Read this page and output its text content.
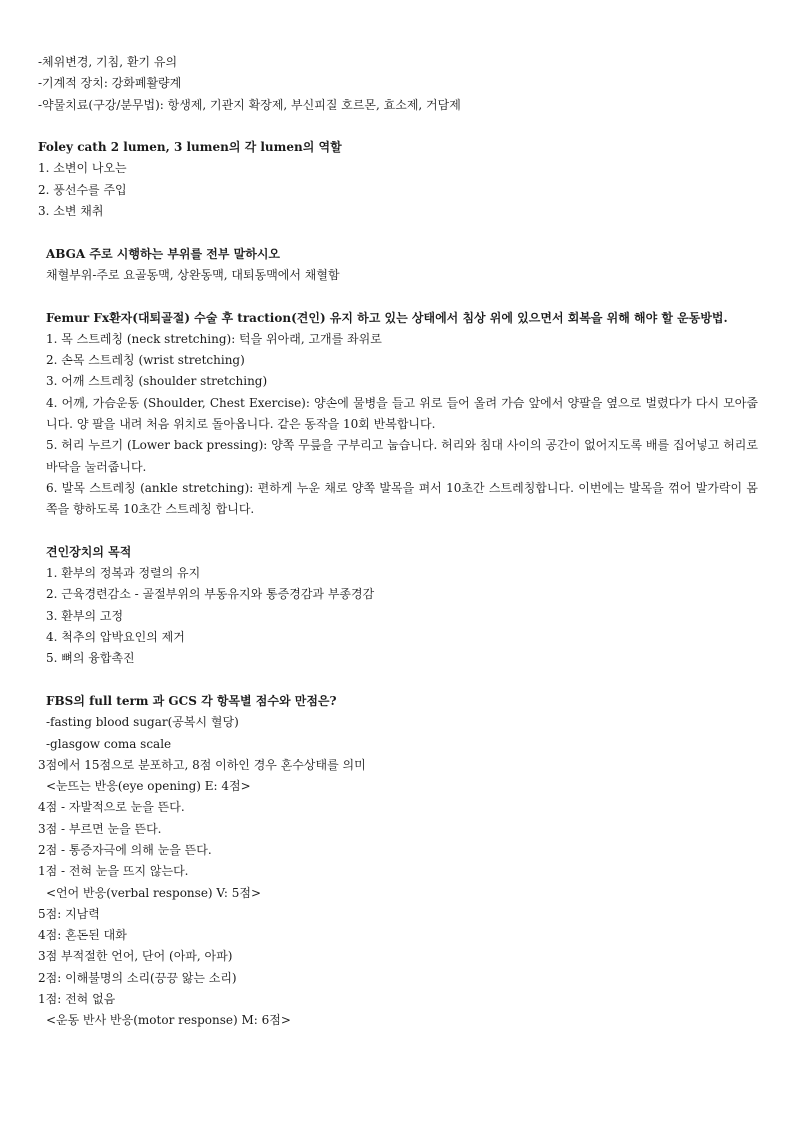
-체위변경, 기침, 환기 유의
-기계적 장치: 강화폐활량계
-약물치료(구강/분무법): 항생제, 기관지 확장제, 부신피질 호르몬, 효소제, 거담제
Foley cath 2 lumen, 3 lumen의 각 lumen의 역할
1. 소변이 나오는
2. 풍선수를 주입
3. 소변 채취
ABGA 주로 시행하는 부위를 전부 말하시오
채혈부위-주로 요골동맥, 상완동맥, 대퇴동맥에서 채혈함
Femur Fx환자(대퇴골절) 수술 후 traction(견인) 유지 하고 있는 상태에서 침상 위에 있으면서 회복을 위해 해야 할 운동방법.
1. 목 스트레칭 (neck stretching): 턱을 위아래, 고개를 좌위로
2. 손목 스트레칭 (wrist stretching)
3. 어깨 스트레칭 (shoulder stretching)
4. 어깨, 가슴운동 (Shoulder, Chest Exercise): 양손에 물병을 들고 위로 들어 올려 가슴 앞에서 양팔을 옆으로 벌렸다가 다시 모아줍니다. 양 팔을 내려 처음 위치로 돌아옵니다. 같은 동작을 10회 반복합니다.
5. 허리 누르기 (Lower back pressing): 양쪽 무릎을 구부리고 눕습니다. 허리와 침대 사이의 공간이 없어지도록 배를 집어넣고 허리로 바닥을 눌러줍니다.
6. 발목 스트레칭 (ankle stretching): 편하게 누운 채로 양쪽 발목을 펴서 10초간 스트레칭합니다. 이번에는 발목을 꺾어 발가락이 몸쪽을 향하도록 10초간 스트레칭 합니다.
견인장치의 목적
1. 환부의 정복과 정렬의 유지
2. 근육경련감소 - 골절부위의 부동유지와 통증경감과 부종경감
3. 환부의 고정
4. 척추의 압박요인의 제거
5. 뼈의 융합촉진
FBS의 full term 과 GCS 각 항목별 점수와 만점은?
-fasting blood sugar(공복시 혈당)
-glasgow coma scale
3점에서 15점으로 분포하고, 8점 이하인 경우 혼수상태를 의미
<눈뜨는 반응(eye opening) E: 4점>
4점 - 자발적으로 눈을 뜬다.
3점 - 부르면 눈을 뜬다.
2점 - 통증자극에 의해 눈을 뜬다.
1점 - 전혀 눈을 뜨지 않는다.
<언어 반응(verbal response) V: 5점>
5점: 지남력
4점: 혼돈된 대화
3점 부적절한 언어, 단어 (아파, 아파)
2점: 이해불명의 소리(끙끙 앓는 소리)
1점: 전혀 없음
<운동 반사 반응(motor response) M: 6점>
